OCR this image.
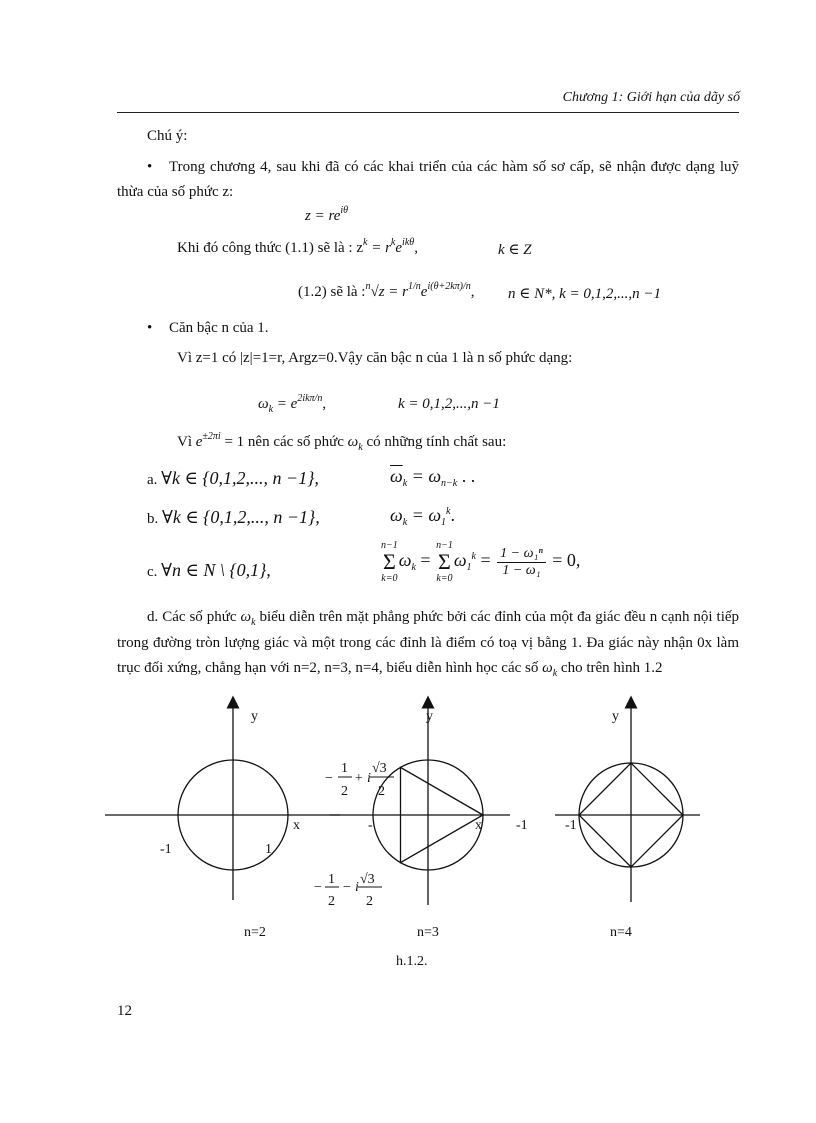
Chương 1: Giới hạn của dãy số
Chú ý:
• Trong chương 4, sau khi đã có các khai triển của các hàm số sơ cấp, sẽ nhận được dạng luỹ thừa của số phức z:
$z = re^{i\theta}$
Khi đó công thức (1.1) sẽ là : $z^k = r^ke^{ik\theta}$,	k ∈ Z
(1.2) sẽ là :$^n$√z = $r^{1/n}e^{i(\theta+2k\pi)/n}$, n ∈ N*, k = 0,1,2,...,n −1
• Căn bậc n của 1.
Vì z=1 có |z|=1=r, Argz=0.Vậy căn bậc n của 1 là n số phức dạng:
$\omega_k = e^{2ik\pi/n}$,	k = 0,1,2,...,n −1
Vì $e^{\pm 2\pi i} = 1$ nên các số phức $\omega_k$ có những tính chất sau:
a. ∀k ∈ {0,1,2,..., n −1},	$\overline{\omega}_k = \omega_{n-k}$ . .
b. ∀k ∈ {0,1,2,..., n −1},	$\omega_k = \omega_1^k$.
c. ∀n ∈ N \ {0,1},
n−1
Σ
$k=0\omega_k = n-1$
Σ
$k=0\omega_1^k = \frac{\text{1 − ω₁ⁿ}}{\text{1 − ω₁}} = 0$,
d. Các số phức $\omega_k$ biểu diễn trên mặt phẳng phức bởi các đỉnh của một đa giác đều n cạnh nội tiếp trong đường tròn lượng giác và một trong các đỉnh là điểm có toạ vị bằng 1. Đa giác này nhận 0x làm trục đối xứng, chẳng hạn với n=2, n=3, n=4, biểu diễn hình học các số $\omega_k$ cho trên hình 1.2
y
x
-1	1
y
x
-	-1
y
-1
−
1
2
+ i
√3
2
−
1
2
− i
√3
2
n=2	n=3	n=4
h.1.2.
12
